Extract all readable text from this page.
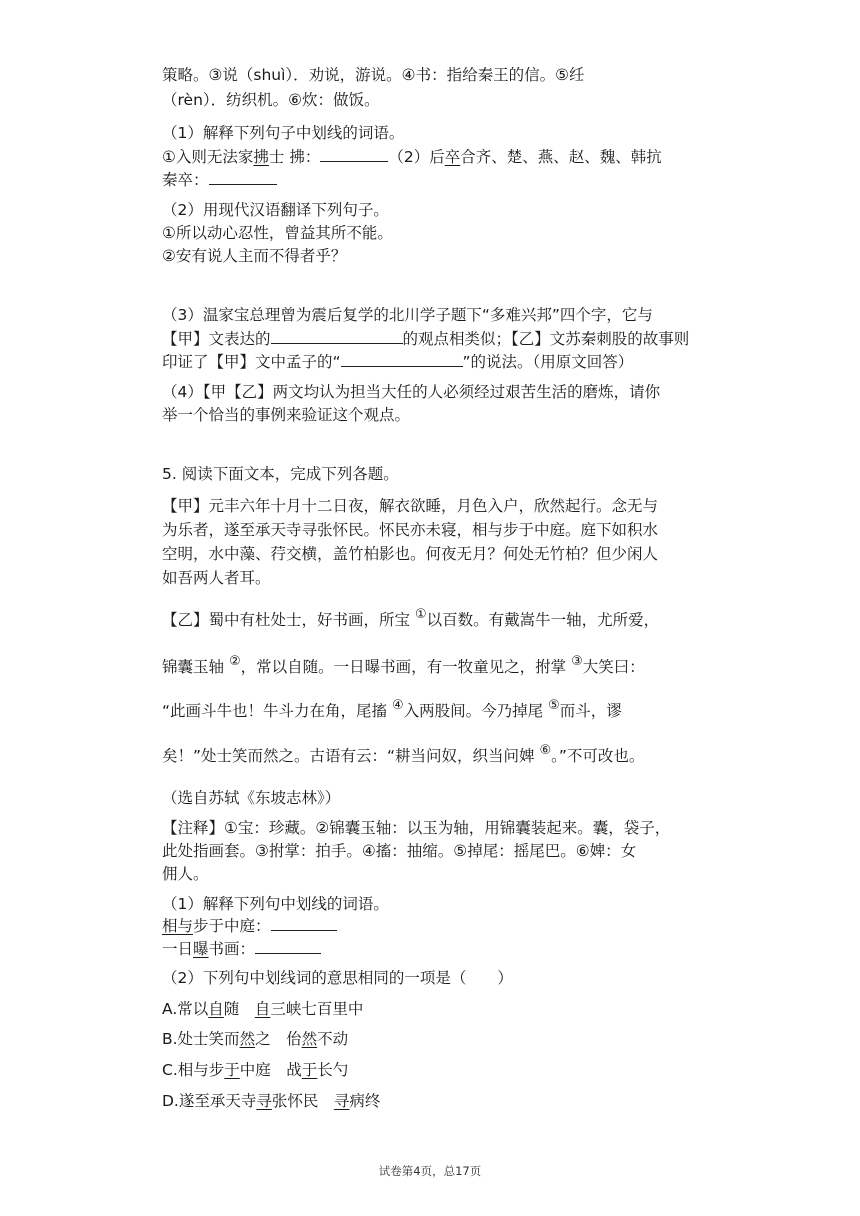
策略。③说（shuì）．劝说，游说。④书：指给秦王的信。⑤纴
（rèn）．纺织机。⑥炊：做饭。
（1）解释下列句子中划线的词语。
①入则无法家拂士 拂：	（2）后卒合齐、楚、燕、赵、魏、韩抗
秦卒：
（2）用现代汉语翻译下列句子。
①所以动心忍性，曾益其所不能。
②安有说人主而不得者乎？
（3）温家宝总理曾为震后复学的北川学子题下“多难兴邦”四个字，它与
【甲】文表达的	的观点相类似；【乙】文苏秦刺股的故事则
印证了【甲】文中孟子的“	”的说法。（用原文回答）
（4）【甲【乙】两文均认为担当大任的人必须经过艰苦生活的磨炼，请你
举一个恰当的事例来验证这个观点。
5. 阅读下面文本，完成下列各题。
【甲】元丰六年十月十二日夜，解衣欲睡，月色入户，欣然起行。念无与
为乐者，遂至承天寺寻张怀民。怀民亦未寝，相与步于中庭。庭下如积水
空明，水中藻、荇交横，盖竹柏影也。何夜无月？何处无竹柏？但少闲人
如吾两人者耳。
【乙】蜀中有杜处士，好书画，所宝 ①以百数。有戴嵩牛一轴，尤所爱，
锦囊玉轴 ②，常以自随。一日曝书画，有一牧童见之，拊掌 ③大笑曰：
“此画斗牛也！牛斗力在角，尾搐 ④入两股间。今乃掉尾 ⑤而斗，谬
矣！”处士笑而然之。古语有云：“耕当问奴，织当问婢 ⑥。”不可改也。
（选自苏轼《东坡志林》）
【注释】①宝：珍藏。②锦囊玉轴：以玉为轴，用锦囊装起来。囊，袋子，
此处指画套。③拊掌：拍手。④搐：抽缩。⑤掉尾：摇尾巴。⑥婢：女
佣人。
（1）解释下列句中划线的词语。
相与步于中庭：
一日曝书画：
（2）下列句中划线词的意思相同的一项是（　　）
A.常以自随　自三峡七百里中
B.处士笑而然之　佁然不动
C.相与步于中庭　战于长勺
D.遂至承天寺寻张怀民　寻病终
试卷第4页，总17页
